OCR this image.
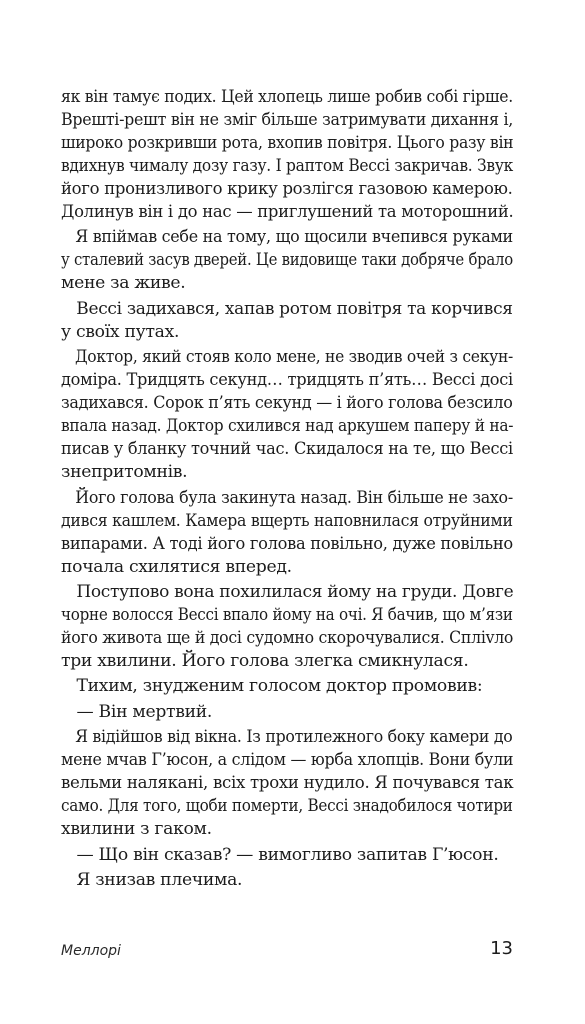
як він тамує подих. Цей хлопець лише робив собі гірше.
Врешті-решт він не зміг більше затримувати дихання і,
широко розкривши рота, вхопив повітря. Цього разу він
вдихнув чималу дозу газу. І раптом Вессі закричав. Звук
його пронизливого крику розлігся газовою камерою.
Долинув він і до нас — приглушений та моторошний.
Я впіймав себе на тому, що щосили вчепився руками
у сталевий засув дверей. Це видовище таки добряче брало
мене за живе.
Вессі задихався, хапав ротом повітря та корчився
у своїх путах.
Доктор, який стояв коло мене, не зводив очей з секун-
доміра. Тридцять секунд… тридцять п’ять… Вессі досі
задихався. Сорок п’ять секунд — і його голова безсило
впала назад. Доктор схилився над аркушем паперу й на-
писав у бланку точний час. Скидалося на те, що Вессі
знепритомнів.
Його голова була закинута назад. Він більше не захо-
дився кашлем. Камера вщерть наповнилася отруйними
випарами. А тоді його голова повільно, дуже повільно
почала схилятися вперед.
Поступово вона похилилася йому на груди. Довге
чорне волосся Вессі впало йому на очі. Я бачив, що м’язи
його живота ще й досі судомно скорочувалися. Сплivло
три хвилини. Його голова злегка смикнулася.
Тихим, знудженим голосом доктор промовив:
— Він мертвий.
Я відійшов від вікна. Із протилежного боку камери до
мене мчав Г’юсон, а слідом — юрба хлопців. Вони були
вельми налякані, всіх трохи нудило. Я почувався так
само. Для того, щоби померти, Вессі знадобилося чотири
хвилини з гаком.
— Що він сказав? — вимогливо запитав Г’юсон.
Я знизав плечима.
Меллорі	13
